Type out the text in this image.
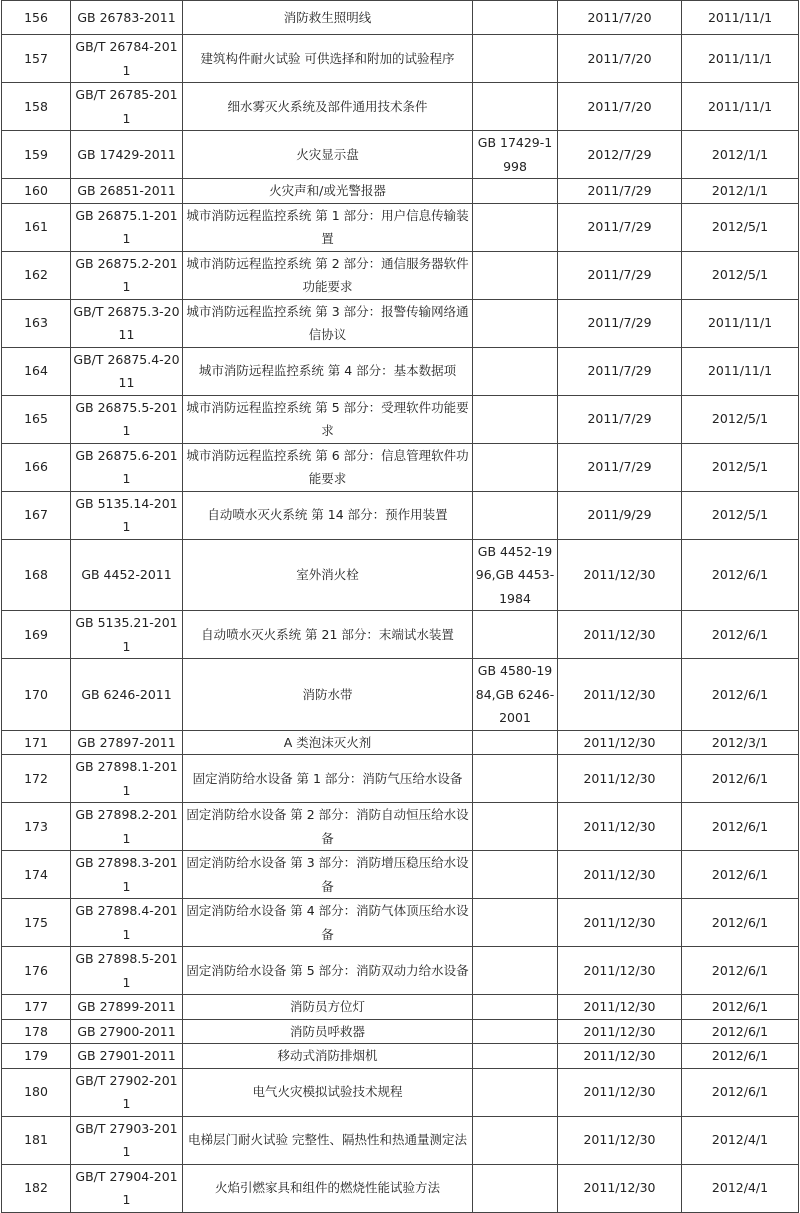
156	GB 26783-2011	消防救生照明线		2011/7/20	2011/11/1
157	GB/T 26784-2011	建筑构件耐火试验 可供选择和附加的试验程序		2011/7/20	2011/11/1
158	GB/T 26785-2011	细水雾灭火系统及部件通用技术条件		2011/7/20	2011/11/1
159	GB 17429-2011	火灾显示盘	GB 17429-1998	2012/7/29	2012/1/1
160	GB 26851-2011	火灾声和/或光警报器		2011/7/29	2012/1/1
161	GB 26875.1-2011	城市消防远程监控系统 第 1 部分：用户信息传输装置		2011/7/29	2012/5/1
162	GB 26875.2-2011	城市消防远程监控系统 第 2 部分：通信服务器软件功能要求		2011/7/29	2012/5/1
163	GB/T 26875.3-2011	城市消防远程监控系统 第 3 部分：报警传输网络通信协议		2011/7/29	2011/11/1
164	GB/T 26875.4-2011	城市消防远程监控系统 第 4 部分：基本数据项		2011/7/29	2011/11/1
165	GB 26875.5-2011	城市消防远程监控系统 第 5 部分：受理软件功能要求		2011/7/29	2012/5/1
166	GB 26875.6-2011	城市消防远程监控系统 第 6 部分：信息管理软件功能要求		2011/7/29	2012/5/1
167	GB 5135.14-2011	自动喷水灭火系统 第 14 部分：预作用装置		2011/9/29	2012/5/1
168	GB 4452-2011	室外消火栓	GB 4452-1996,GB 4453-1984	2011/12/30	2012/6/1
169	GB 5135.21-2011	自动喷水灭火系统 第 21 部分：末端试水装置		2011/12/30	2012/6/1
170	GB 6246-2011	消防水带	GB 4580-1984,GB 6246-2001	2011/12/30	2012/6/1
171	GB 27897-2011	A 类泡沫灭火剂		2011/12/30	2012/3/1
172	GB 27898.1-2011	固定消防给水设备 第 1 部分：消防气压给水设备		2011/12/30	2012/6/1
173	GB 27898.2-2011	固定消防给水设备 第 2 部分：消防自动恒压给水设备		2011/12/30	2012/6/1
174	GB 27898.3-2011	固定消防给水设备 第 3 部分：消防增压稳压给水设备		2011/12/30	2012/6/1
175	GB 27898.4-2011	固定消防给水设备 第 4 部分：消防气体顶压给水设备		2011/12/30	2012/6/1
176	GB 27898.5-2011	固定消防给水设备 第 5 部分：消防双动力给水设备		2011/12/30	2012/6/1
177	GB 27899-2011	消防员方位灯		2011/12/30	2012/6/1
178	GB 27900-2011	消防员呼救器		2011/12/30	2012/6/1
179	GB 27901-2011	移动式消防排烟机		2011/12/30	2012/6/1
180	GB/T 27902-2011	电气火灾模拟试验技术规程		2011/12/30	2012/6/1
181	GB/T 27903-2011	电梯层门耐火试验 完整性、隔热性和热通量测定法		2011/12/30	2012/4/1
182	GB/T 27904-2011	火焰引燃家具和组件的燃烧性能试验方法		2011/12/30	2012/4/1
